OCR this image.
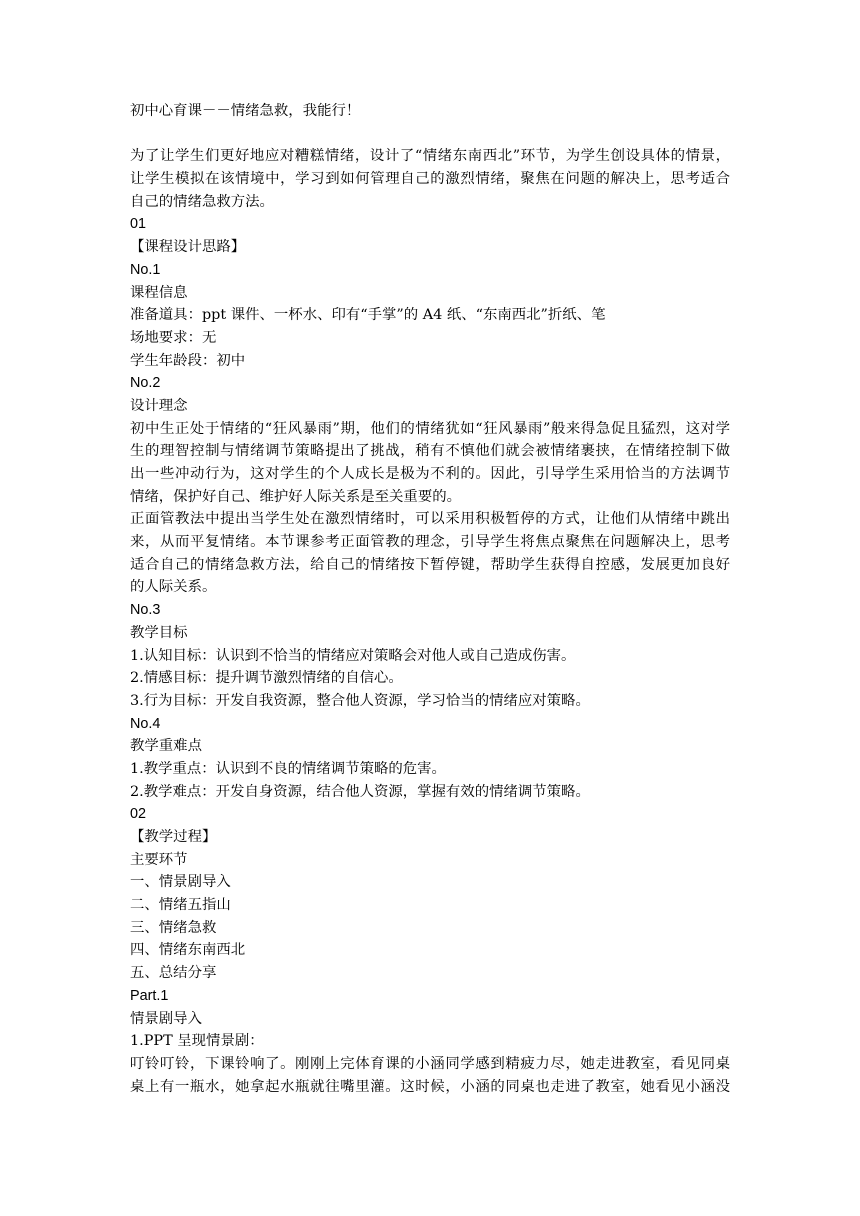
初中心育课－－情绪急救，我能行！
为了让学生们更好地应对糟糕情绪，设计了“情绪东南西北”环节，为学生创设具体的情景，
让学生模拟在该情境中，学习到如何管理自己的激烈情绪，聚焦在问题的解决上，思考适合
自己的情绪急救方法。
01
【课程设计思路】
No.1
课程信息
准备道具：ppt 课件、一杯水、印有“手掌”的 A4 纸、“东南西北”折纸、笔
场地要求：无
学生年龄段：初中
No.2
设计理念
初中生正处于情绪的“狂风暴雨”期，他们的情绪犹如“狂风暴雨”般来得急促且猛烈，这对学
生的理智控制与情绪调节策略提出了挑战，稍有不慎他们就会被情绪裹挟，在情绪控制下做
出一些冲动行为，这对学生的个人成长是极为不利的。因此，引导学生采用恰当的方法调节
情绪，保护好自己、维护好人际关系是至关重要的。
正面管教法中提出当学生处在激烈情绪时，可以采用积极暂停的方式，让他们从情绪中跳出
来，从而平复情绪。本节课参考正面管教的理念，引导学生将焦点聚焦在问题解决上，思考
适合自己的情绪急救方法，给自己的情绪按下暂停键，帮助学生获得自控感，发展更加良好
的人际关系。
No.3
教学目标
1.认知目标：认识到不恰当的情绪应对策略会对他人或自己造成伤害。
2.情感目标：提升调节激烈情绪的自信心。
3.行为目标：开发自我资源，整合他人资源，学习恰当的情绪应对策略。
No.4
教学重难点
1.教学重点：认识到不良的情绪调节策略的危害。
2.教学难点：开发自身资源，结合他人资源，掌握有效的情绪调节策略。
02
【教学过程】
主要环节
一、情景剧导入
二、情绪五指山
三、情绪急救
四、情绪东南西北
五、总结分享
Part.1
情景剧导入
1.PPT 呈现情景剧：
叮铃叮铃，下课铃响了。刚刚上完体育课的小涵同学感到精疲力尽，她走进教室，看见同桌
桌上有一瓶水，她拿起水瓶就往嘴里灌。这时候，小涵的同桌也走进了教室，她看见小涵没
